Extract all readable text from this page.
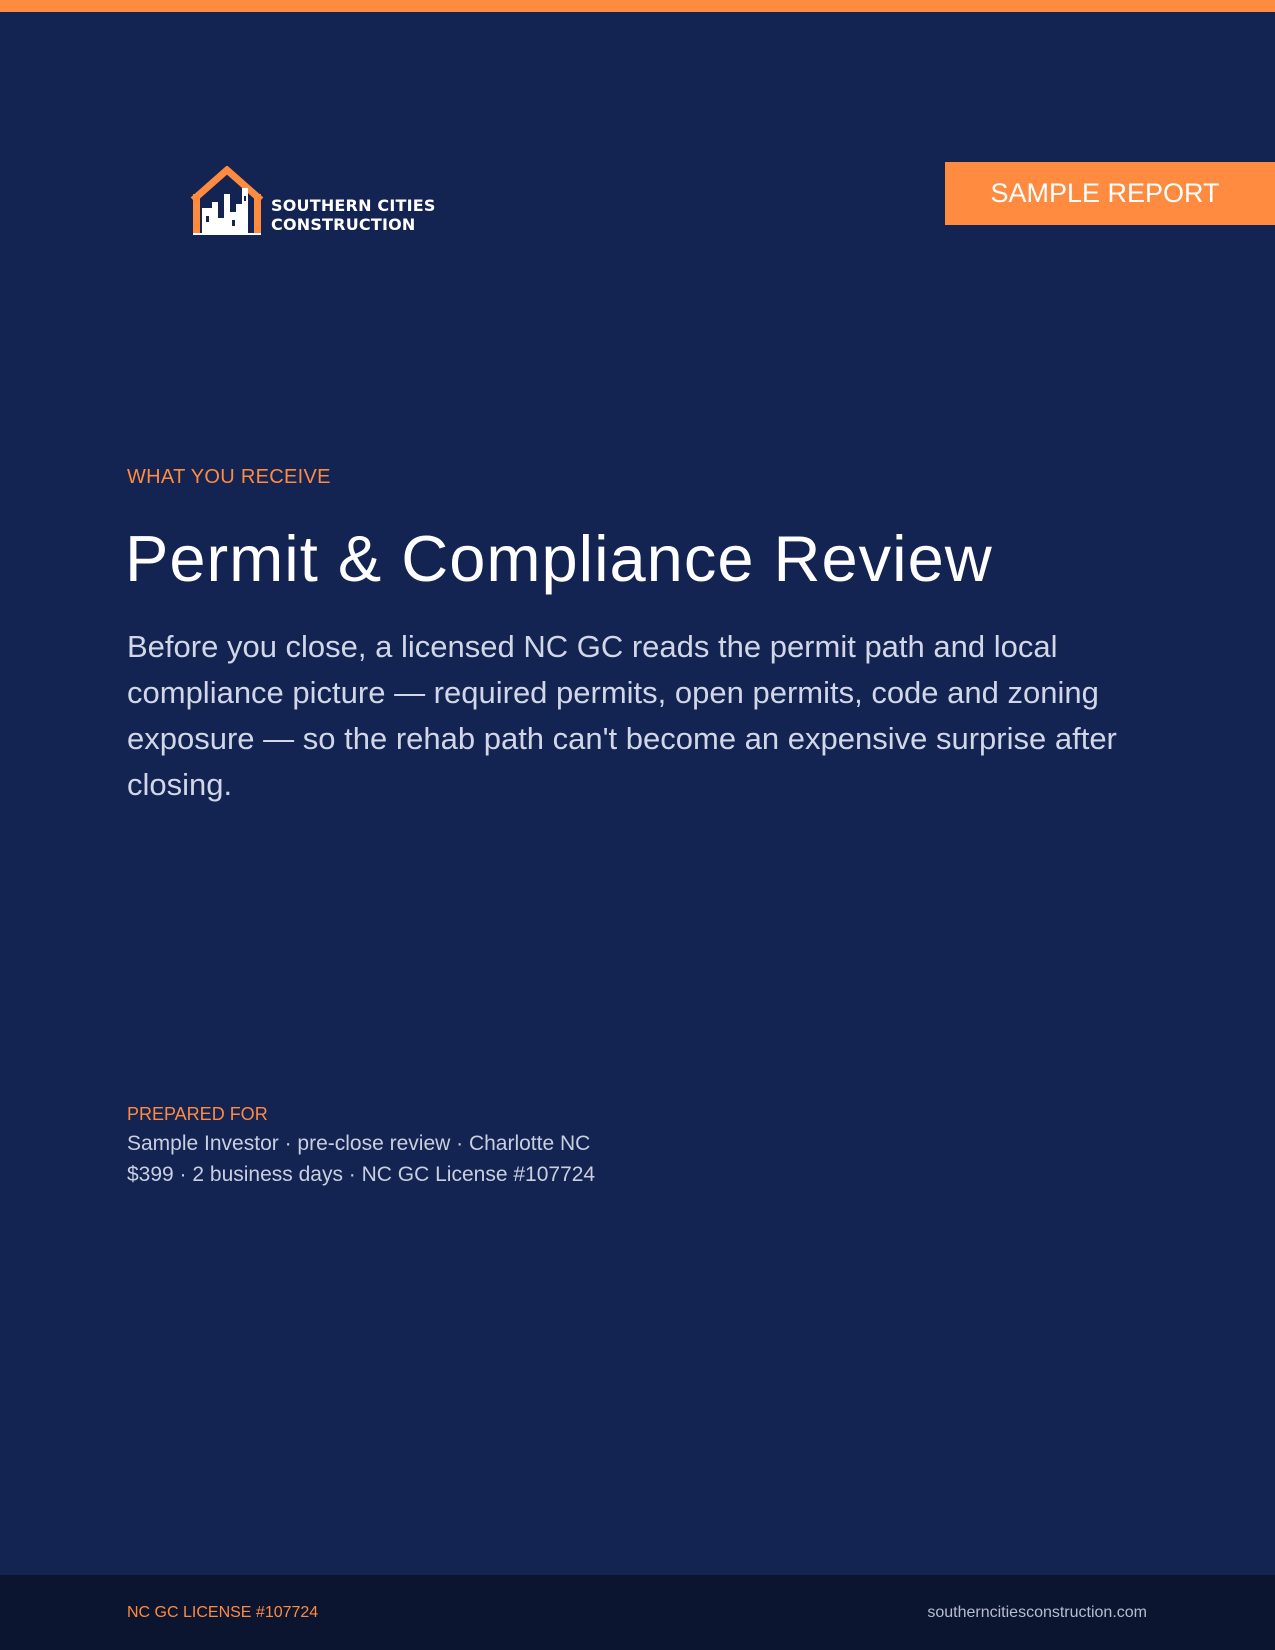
SOUTHERN CITIES
CONSTRUCTION
SAMPLE REPORT
WHAT YOU RECEIVE
Permit & Compliance Review
Before you close, a licensed NC GC reads the permit path and local compliance picture — required permits, open permits, code and zoning exposure — so the rehab path can't become an expensive surprise after closing.
PREPARED FOR
Sample Investor · pre-close review · Charlotte NC
$399 · 2 business days · NC GC License #107724
NC GC LICENSE #107724	southerncitiesconstruction.com
